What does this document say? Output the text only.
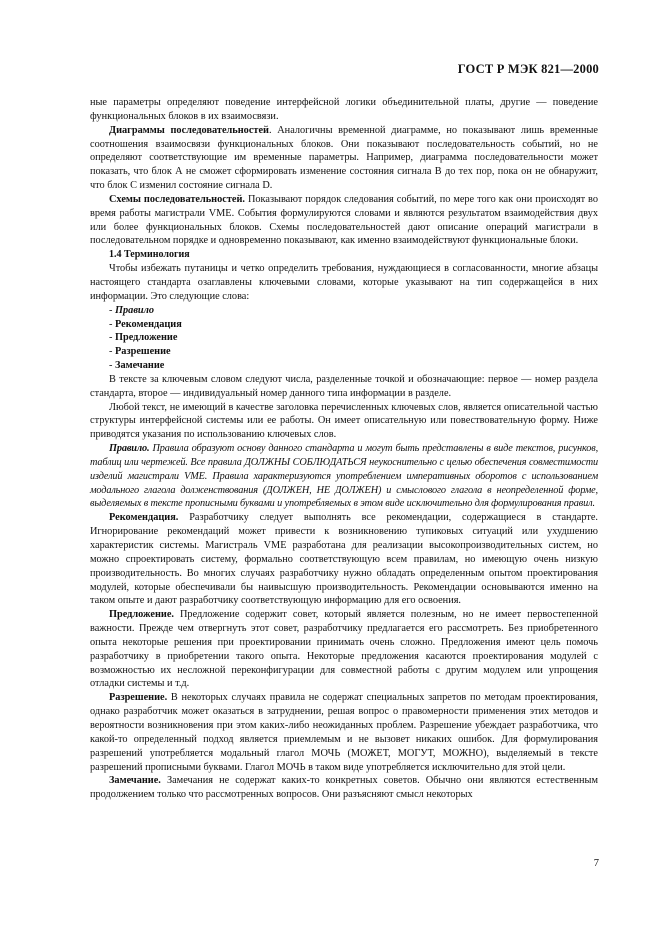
ГОСТ Р МЭК 821—2000

ные параметры определяют поведение интерфейсной логики объединительной платы, другие — поведение функциональных блоков в их взаимосвязи.

Диаграммы последовательностей. Аналогичны временной диаграмме, но показывают лишь временные соотношения взаимосвязи функциональных блоков. Они показывают последовательность событий, но не определяют соответствующие им временные параметры. Например, диаграмма последовательности может показать, что блок А не сможет сформировать изменение состояния сигнала В до тех пор, пока он не обнаружит, что блок С изменил состояние сигнала D.

Схемы последовательностей. Показывают порядок следования событий, по мере того как они происходят во время работы магистрали VME. События формулируются словами и являются результатом взаимодействия двух или более функциональных блоков. Схемы последовательностей дают описание операций магистрали в последовательном порядке и одновременно показывают, как именно взаимодействуют функциональные блоки.

1.4 Терминология

Чтобы избежать путаницы и четко определить требования, нуждающиеся в согласованности, многие абзацы настоящего стандарта озаглавлены ключевыми словами, которые указывают на тип содержащейся в них информации. Это следующие слова:

- Правило

- Рекомендация

- Предложение

- Разрешение

- Замечание

В тексте за ключевым словом следуют числа, разделенные точкой и обозначающие: первое — номер раздела стандарта, второе — индивидуальный номер данного типа информации в разделе.

Любой текст, не имеющий в качестве заголовка перечисленных ключевых слов, является описательной частью структуры интерфейсной системы или ее работы. Он имеет описательную или повествовательную форму. Ниже приводятся указания по использованию ключевых слов.

Правило. Правила образуют основу данного стандарта и могут быть представлены в виде текстов, рисунков, таблиц или чертежей. Все правила ДОЛЖНЫ СОБЛЮДАТЬСЯ неукоснительно с целью обеспечения совместимости изделий магистрали VME. Правила характеризуются употреблением императивных оборотов с использованием модального глагола долженствования (ДОЛЖЕН, НЕ ДОЛЖЕН) и смыслового глагола в неопределенной форме, выделяемых в тексте прописными буквами и употребляемых в этом виде исключительно для формулирования правил.

Рекомендация. Разработчику следует выполнять все рекомендации, содержащиеся в стандарте. Игнорирование рекомендаций может привести к возникновению тупиковых ситуаций или ухудшению характеристик системы. Магистраль VME разработана для реализации высокопроизводительных систем, но можно спроектировать систему, формально соответствующую всем правилам, но имеющую очень низкую производительность. Во многих случаях разработчику нужно обладать определенным опытом проектирования модулей, которые обеспечивали бы наивысшую производительность. Рекомендации основываются именно на таком опыте и дают разработчику соответствующую информацию для его освоения.

Предложение. Предложение содержит совет, который является полезным, но не имеет первостепенной важности. Прежде чем отвергнуть этот совет, разработчику предлагается его рассмотреть. Без приобретенного опыта некоторые решения при проектировании принимать очень сложно. Предложения имеют цель помочь разработчику в приобретении такого опыта. Некоторые предложения касаются проектирования модулей с возможностью их несложной переконфигурации для совместной работы с другим модулем или упрощения отладки системы и т.д.

Разрешение. В некоторых случаях правила не содержат специальных запретов по методам проектирования, однако разработчик может оказаться в затруднении, решая вопрос о правомерности применения этих методов и вероятности возникновения при этом каких-либо неожиданных проблем. Разрешение убеждает разработчика, что какой-то определенный подход является приемлемым и не вызовет никаких ошибок. Для формулирования разрешений употребляется модальный глагол МОЧЬ (МОЖЕТ, МОГУТ, МОЖНО), выделяемый в тексте разрешений прописными буквами. Глагол МОЧЬ в таком виде употребляется исключительно для этой цели.

Замечание. Замечания не содержат каких-то конкретных советов. Обычно они являются естественным продолжением только что рассмотренных вопросов. Они разъясняют смысл некоторых

7
